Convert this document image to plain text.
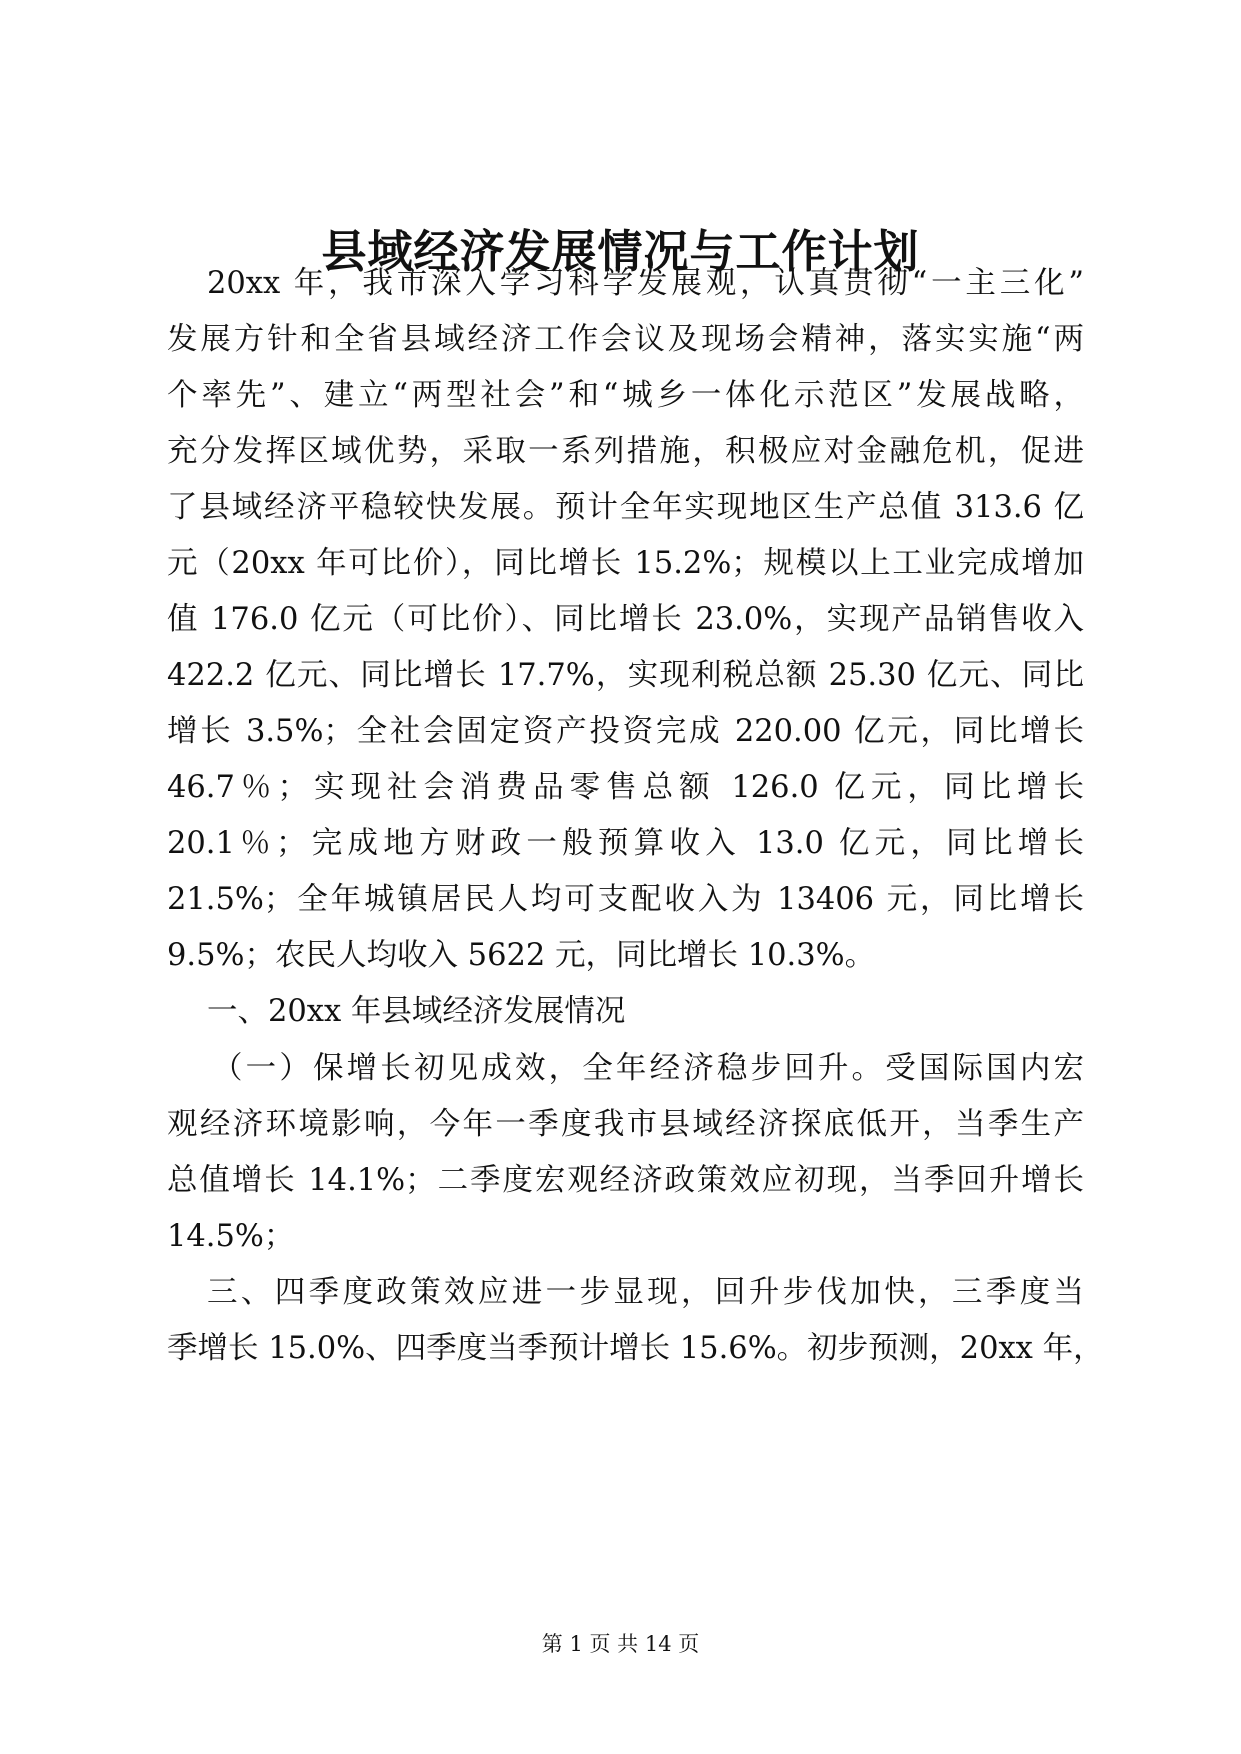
县域经济发展情况与工作计划

20xx 年，我市深入学习科学发展观，认真贯彻“一主三化”

发展方针和全省县域经济工作会议及现场会精神，落实实施“两

个率先”、建立“两型社会”和“城乡一体化示范区”发展战略，

充分发挥区域优势，采取一系列措施，积极应对金融危机，促进

了县域经济平稳较快发展。预计全年实现地区生产总值 313.6 亿

元（20xx 年可比价），同比增长 15.2%；规模以上工业完成增加

值 176.0 亿元（可比价）、同比增长 23.0%，实现产品销售收入

422.2 亿元、同比增长 17.7%，实现利税总额 25.30 亿元、同比

增长 3.5%；全社会固定资产投资完成 220.00 亿元，同比增长

46.7％；实现社会消费品零售总额 126.0 亿元，同比增长

20.1％；完成地方财政一般预算收入 13.0 亿元，同比增长

21.5%；全年城镇居民人均可支配收入为 13406 元，同比增长

9.5%；农民人均收入 5622 元，同比增长 10.3%。

一、20xx 年县域经济发展情况

（一）保增长初见成效，全年经济稳步回升。受国际国内宏

观经济环境影响，今年一季度我市县域经济探底低开，当季生产

总值增长 14.1%；二季度宏观经济政策效应初现，当季回升增长

14.5%；

三、四季度政策效应进一步显现，回升步伐加快，三季度当

季增长 15.0%、四季度当季预计增长 15.6%。初步预测，20xx 年，

第 1 页 共 14 页
